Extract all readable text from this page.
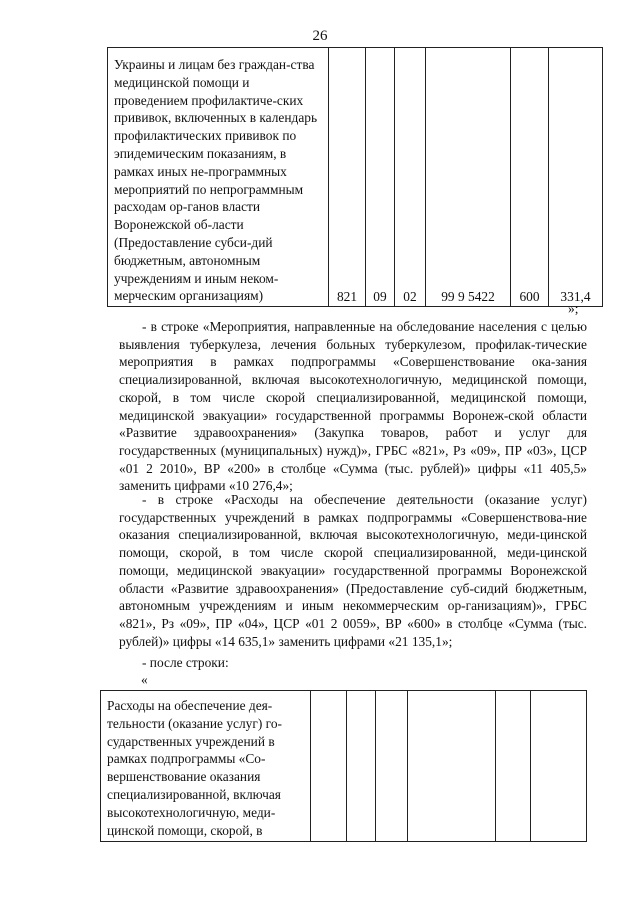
26
Украины и лицам без граждан-ства медицинской помощи и проведением профилактиче-ских прививок, включенных в календарь профилактических прививок по эпидемическим показаниям, в рамках иных не-программных мероприятий по непрограммным расходам ор-ганов власти Воронежской об-ласти (Предоставление субси-дий бюджетным, автономным учреждениям и иным неком-мерческим организациям)	821	09	02	99 9 5422	600	331,4
»;

- в строке «Мероприятия, направленные на обследование населения с целью выявления туберкулеза, лечения больных туберкулезом, профилак-тические мероприятия в рамках подпрограммы «Совершенствование ока-зания специализированной, включая высокотехнологичную, медицинской помощи, скорой, в том числе скорой специализированной, медицинской помощи, медицинской эвакуации» государственной программы Воронеж-ской области «Развитие здравоохранения» (Закупка товаров, работ и услуг для государственных (муниципальных) нужд)», ГРБС «821», Рз «09», ПР «03», ЦСР «01 2 2010», ВР «200» в столбце «Сумма (тыс. рублей)» цифры «11 405,5» заменить цифрами «10 276,4»;

- в строке «Расходы на обеспечение деятельности (оказание услуг) государственных учреждений в рамках подпрограммы «Совершенствова-ние оказания специализированной, включая высокотехнологичную, меди-цинской помощи, скорой, в том числе скорой специализированной, меди-цинской помощи, медицинской эвакуации» государственной программы Воронежской области «Развитие здравоохранения» (Предоставление суб-сидий бюджетным, автономным учреждениям и иным некоммерческим ор-ганизациям)», ГРБС «821», Рз «09», ПР «04», ЦСР «01 2 0059», ВР «600» в столбце «Сумма (тыс. рублей)» цифры «14 635,1» заменить цифрами «21 135,1»;

- после строки:

«
Расходы на обеспечение дея-тельности (оказание услуг) го-сударственных учреждений в рамках подпрограммы «Со-вершенствование оказания специализированной, включая высокотехнологичную, меди-цинской помощи, скорой, в						
